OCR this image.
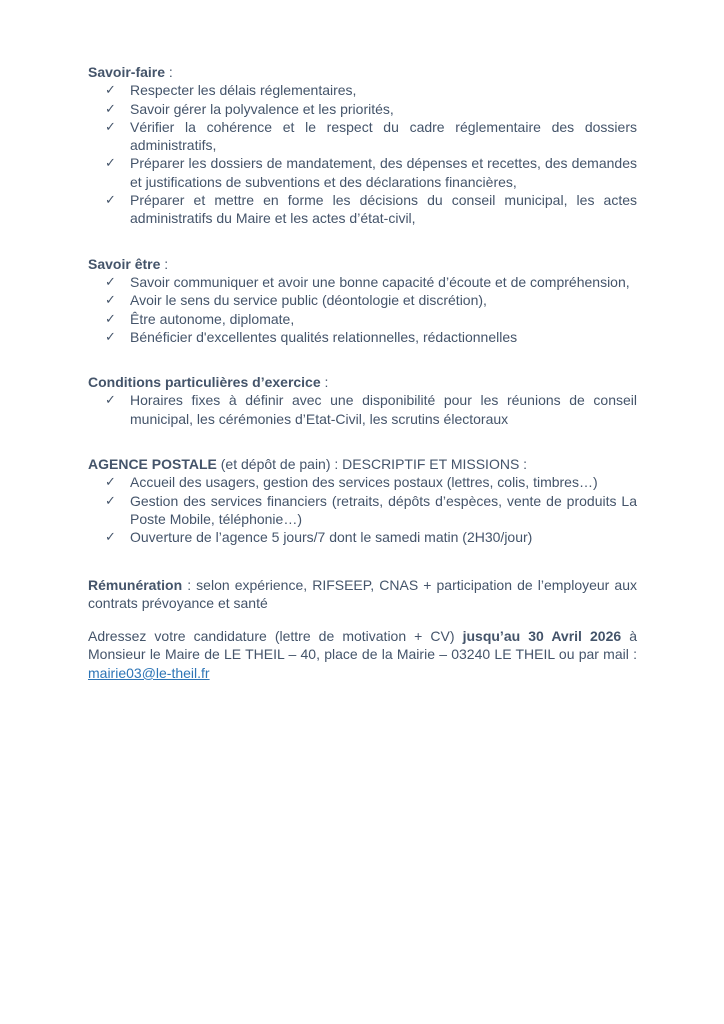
Savoir-faire :

✓	Respecter les délais réglementaires,
✓	Savoir gérer la polyvalence et les priorités,
✓	Vérifier la cohérence et le respect du cadre réglementaire des dossiers administratifs,
✓	Préparer les dossiers de mandatement, des dépenses et recettes, des demandes et justifications de subventions et des déclarations financières,
✓	Préparer et mettre en forme les décisions du conseil municipal, les actes administratifs du Maire et les actes d’état-civil,

Savoir être :

✓	Savoir communiquer et avoir une bonne capacité d’écoute et de compréhension,
✓	Avoir le sens du service public (déontologie et discrétion),
✓	Être autonome, diplomate,
✓	Bénéficier d'excellentes qualités relationnelles, rédactionnelles

Conditions particulières d’exercice :

✓	Horaires fixes à définir avec une disponibilité pour les réunions de conseil municipal, les cérémonies d’Etat-Civil, les scrutins électoraux

AGENCE POSTALE (et dépôt de pain) : DESCRIPTIF ET MISSIONS :

✓	Accueil des usagers, gestion des services postaux (lettres, colis, timbres…)
✓	Gestion des services financiers (retraits, dépôts d’espèces, vente de produits La Poste Mobile, téléphonie…)
✓	Ouverture de l’agence 5 jours/7 dont le samedi matin (2H30/jour)

Rémunération : selon expérience, RIFSEEP, CNAS + participation de l’employeur aux contrats prévoyance et santé

Adressez votre candidature (lettre de motivation + CV) jusqu’au 30 Avril 2026 à Monsieur le Maire de LE THEIL – 40, place de la Mairie – 03240 LE THEIL ou par mail : mairie03@le-theil.fr
